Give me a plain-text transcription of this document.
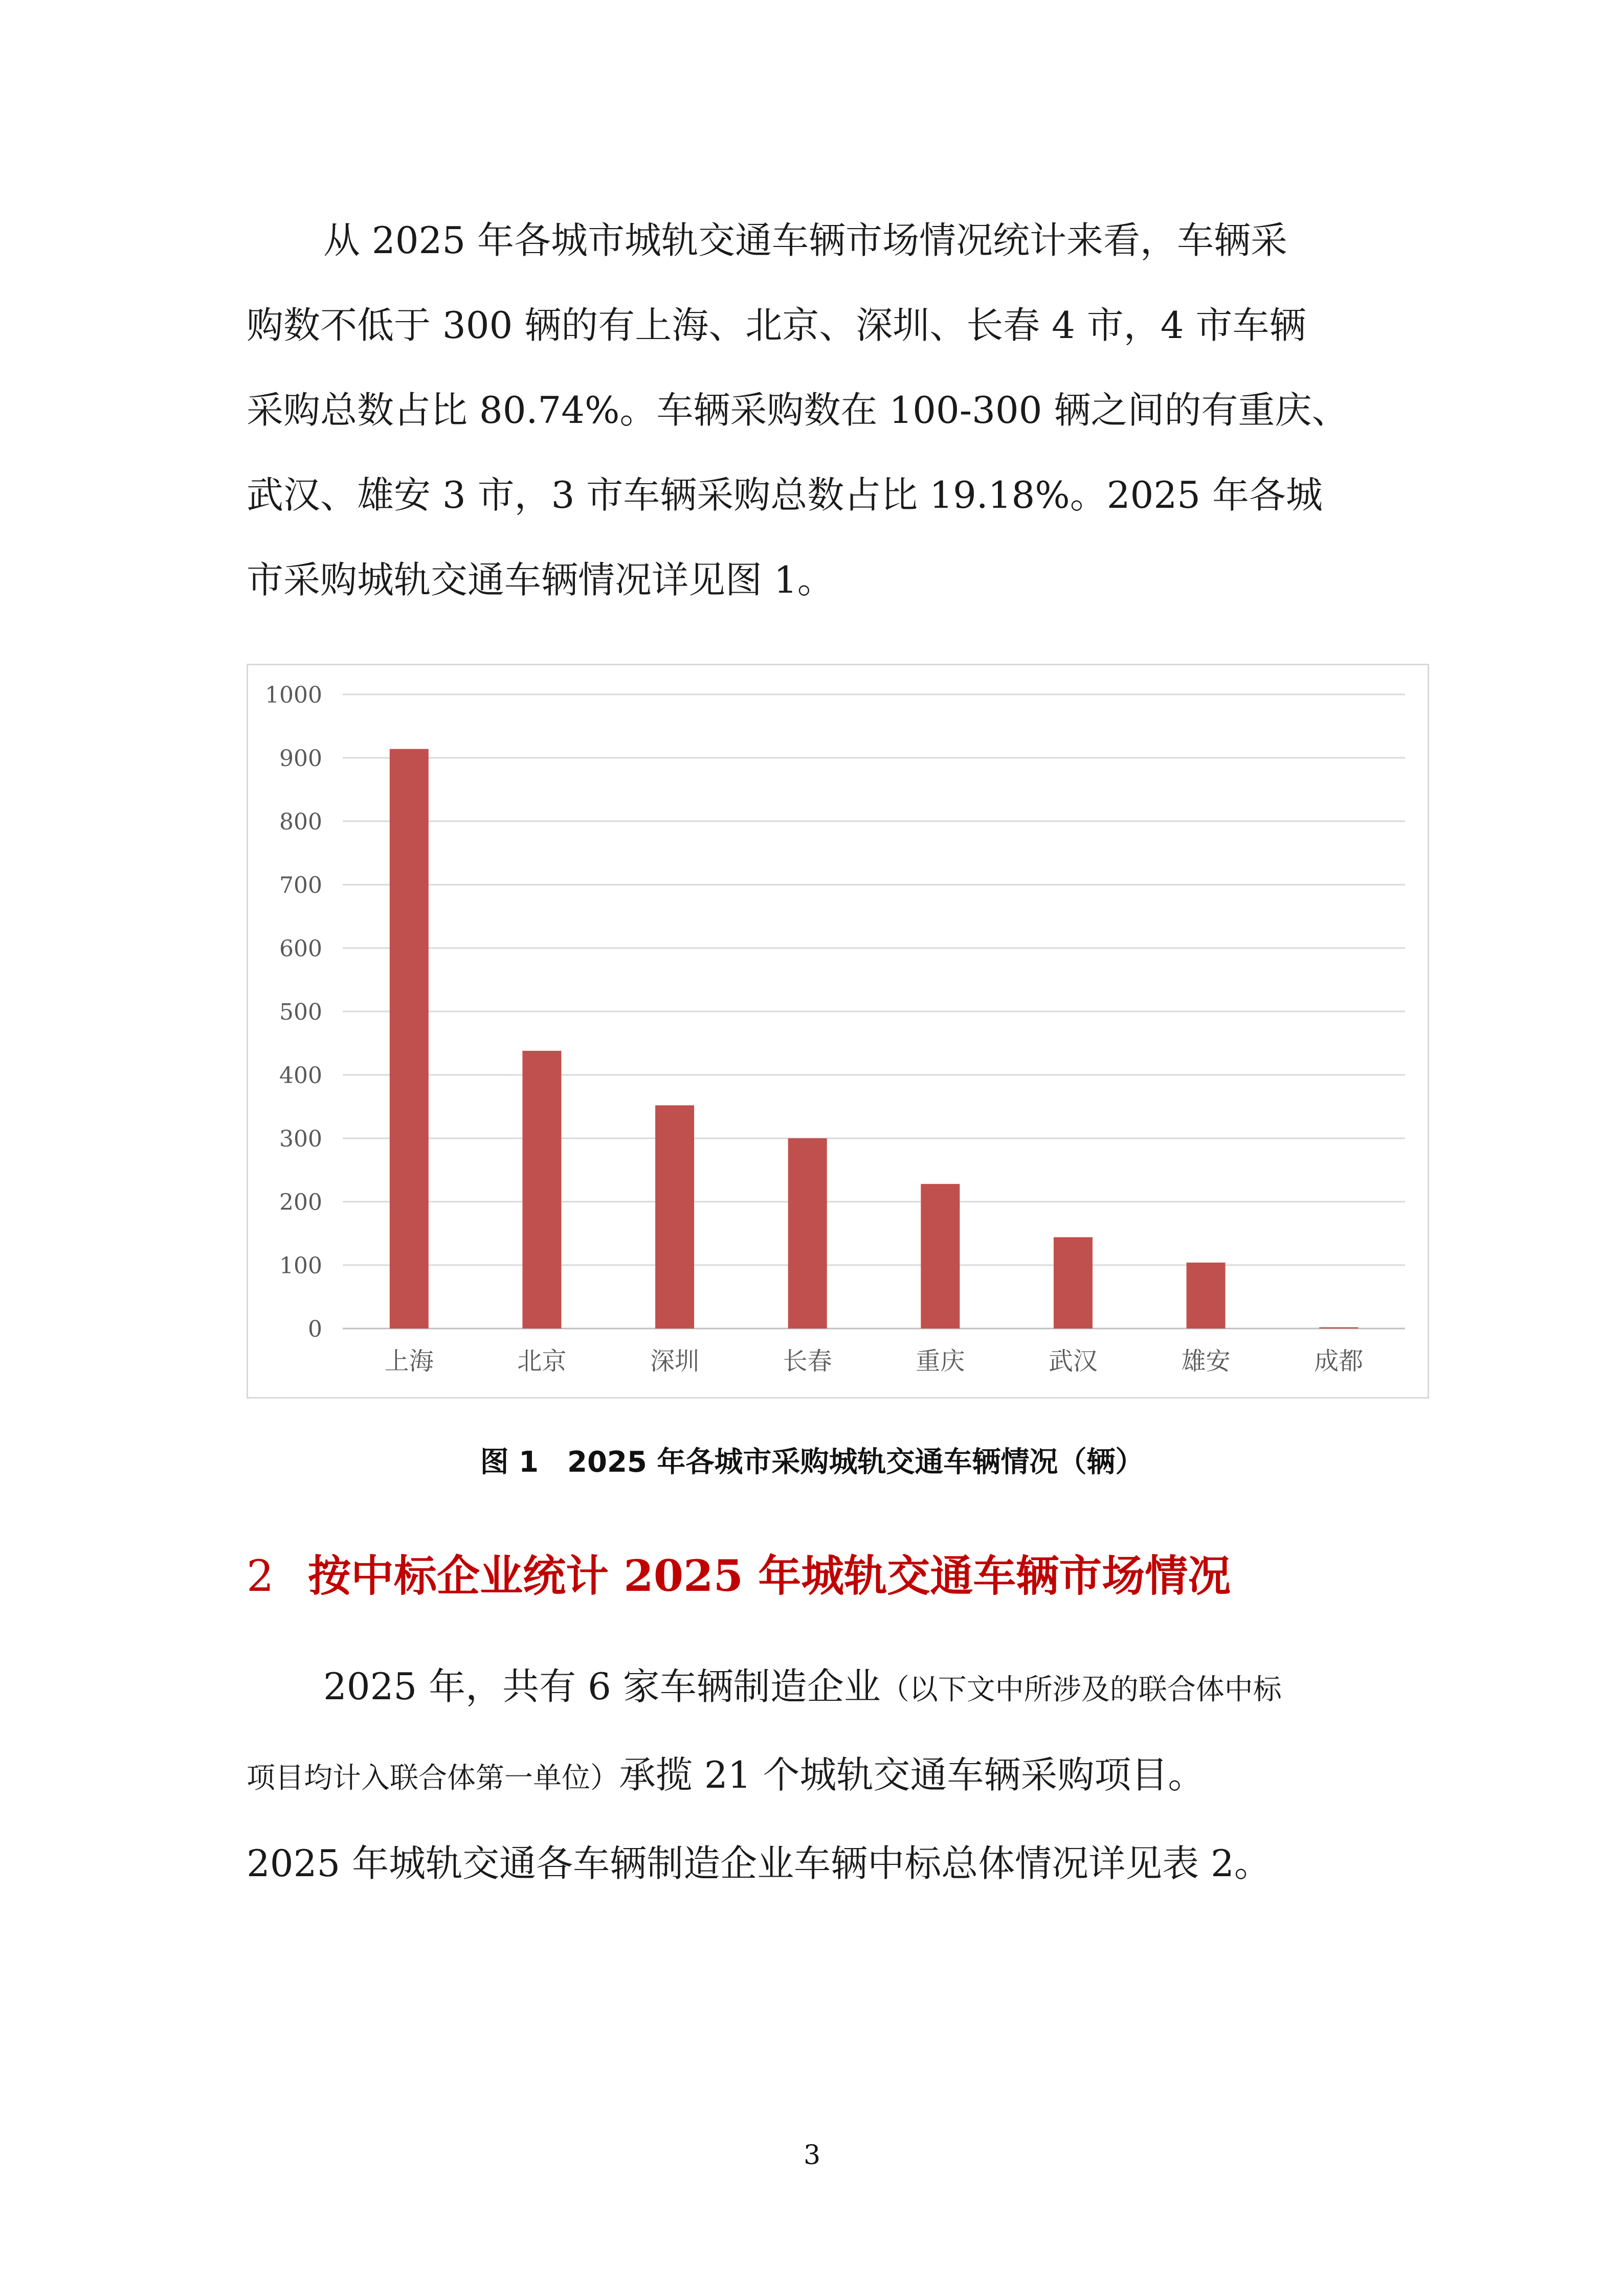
从 2025 年各城市城轨交通车辆市场情况统计来看，车辆采
购数不低于 300 辆的有上海、北京、深圳、长春 4 市，4 市车辆
采购总数占比 80.74%。车辆采购数在 100-300 辆之间的有重庆、
武汉、雄安 3 市，3 市车辆采购总数占比 19.18%。2025 年各城
市采购城轨交通车辆情况详见图 1。
0
100
200
300
400
500
600
700
800
900
1000
上海	北京	深圳	长春	重庆	武汉	雄安	成都
图 1　2025 年各城市采购城轨交通车辆情况（辆）
2 按中标企业统计 2025 年城轨交通车辆市场情况
2025 年，共有 6 家车辆制造企业（以下文中所涉及的联合体中标
项目均计入联合体第一单位）承揽 21 个城轨交通车辆采购项目。
2025 年城轨交通各车辆制造企业车辆中标总体情况详见表 2。
3
